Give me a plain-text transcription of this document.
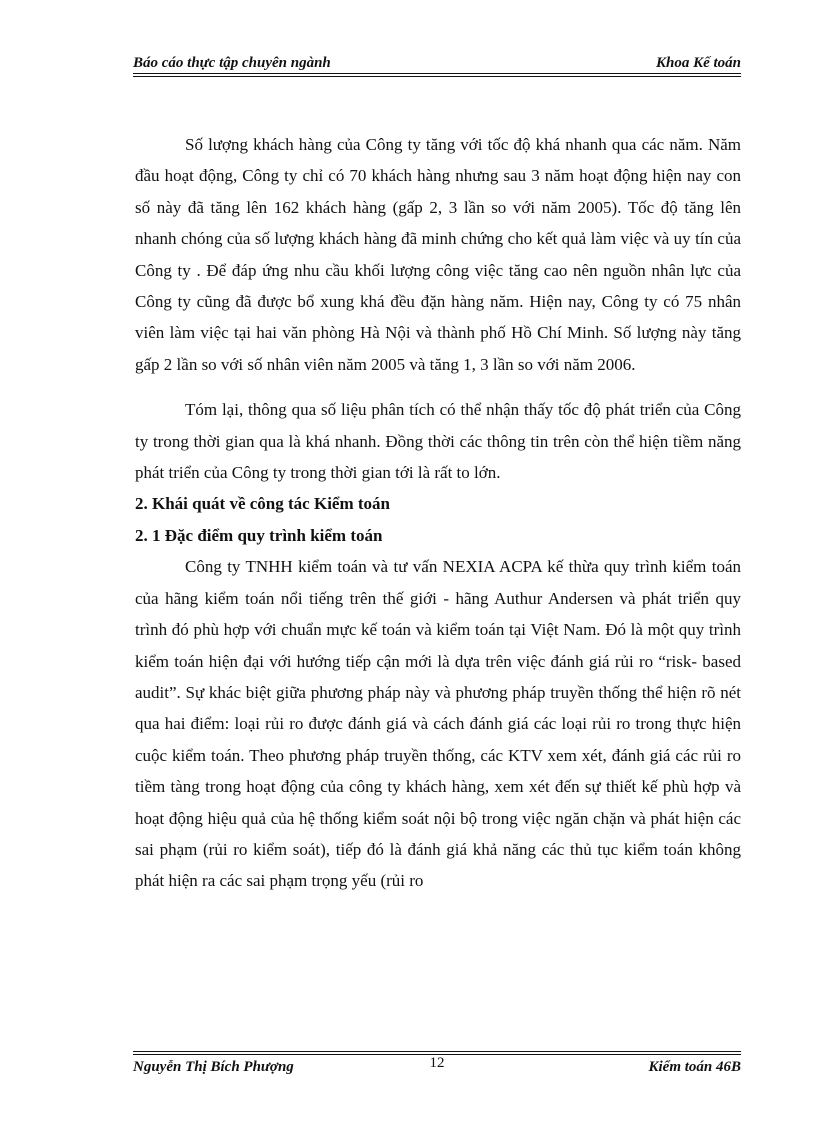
Báo cáo thực tập chuyên ngành	Khoa Kế toán

Số lượng khách hàng của Công ty tăng với tốc độ khá nhanh qua các năm. Năm đầu hoạt động, Công ty chỉ có 70 khách hàng nhưng sau 3 năm hoạt động hiện nay con số này đã tăng lên 162 khách hàng (gấp 2, 3 lần so với năm 2005). Tốc độ tăng lên nhanh chóng của số lượng khách hàng đã minh chứng cho kết quả làm việc và uy tín của Công ty . Để đáp ứng nhu cầu khối lượng công việc tăng cao nên nguồn nhân lực của Công ty cũng đã được bổ xung khá đều đặn hàng năm. Hiện nay, Công ty có 75 nhân viên làm việc tại hai văn phòng Hà Nội và thành phố Hồ Chí Minh. Số lượng này tăng gấp 2 lần so với số nhân viên năm 2005 và tăng 1, 3 lần so với năm 2006.

Tóm lại, thông qua số liệu phân tích có thể nhận thấy tốc độ phát triển của Công ty trong thời gian qua là khá nhanh. Đồng thời các thông tin trên còn thể hiện tiềm năng phát triển của Công ty trong thời gian tới là rất to lớn.

2. Khái quát về công tác Kiểm toán

2. 1 Đặc điểm quy trình kiểm toán

Công ty TNHH kiểm toán và tư vấn NEXIA ACPA kế thừa quy trình kiểm toán của hãng kiểm toán nổi tiếng trên thế giới - hãng Authur Andersen và phát triển quy trình đó phù hợp với chuẩn mực kế toán và kiểm toán tại Việt Nam. Đó là một quy trình kiểm toán hiện đại với hướng tiếp cận mới là dựa trên việc đánh giá rủi ro “risk- based audit”. Sự khác biệt giữa phương pháp này và phương pháp truyền thống thể hiện rõ nét qua hai điểm: loại rủi ro được đánh giá và cách đánh giá các loại rủi ro trong thực hiện cuộc kiểm toán. Theo phương pháp truyền thống, các KTV xem xét, đánh giá các rủi ro tiềm tàng trong hoạt động của công ty khách hàng, xem xét đến sự thiết kế phù hợp và hoạt động hiệu quả của hệ thống kiểm soát nội bộ trong việc ngăn chặn và phát hiện các sai phạm (rủi ro kiểm soát), tiếp đó là đánh giá khả năng các thủ tục kiểm toán không phát hiện ra các sai phạm trọng yếu (rủi ro

Nguyễn Thị Bích Phượng	12	Kiểm toán 46B
